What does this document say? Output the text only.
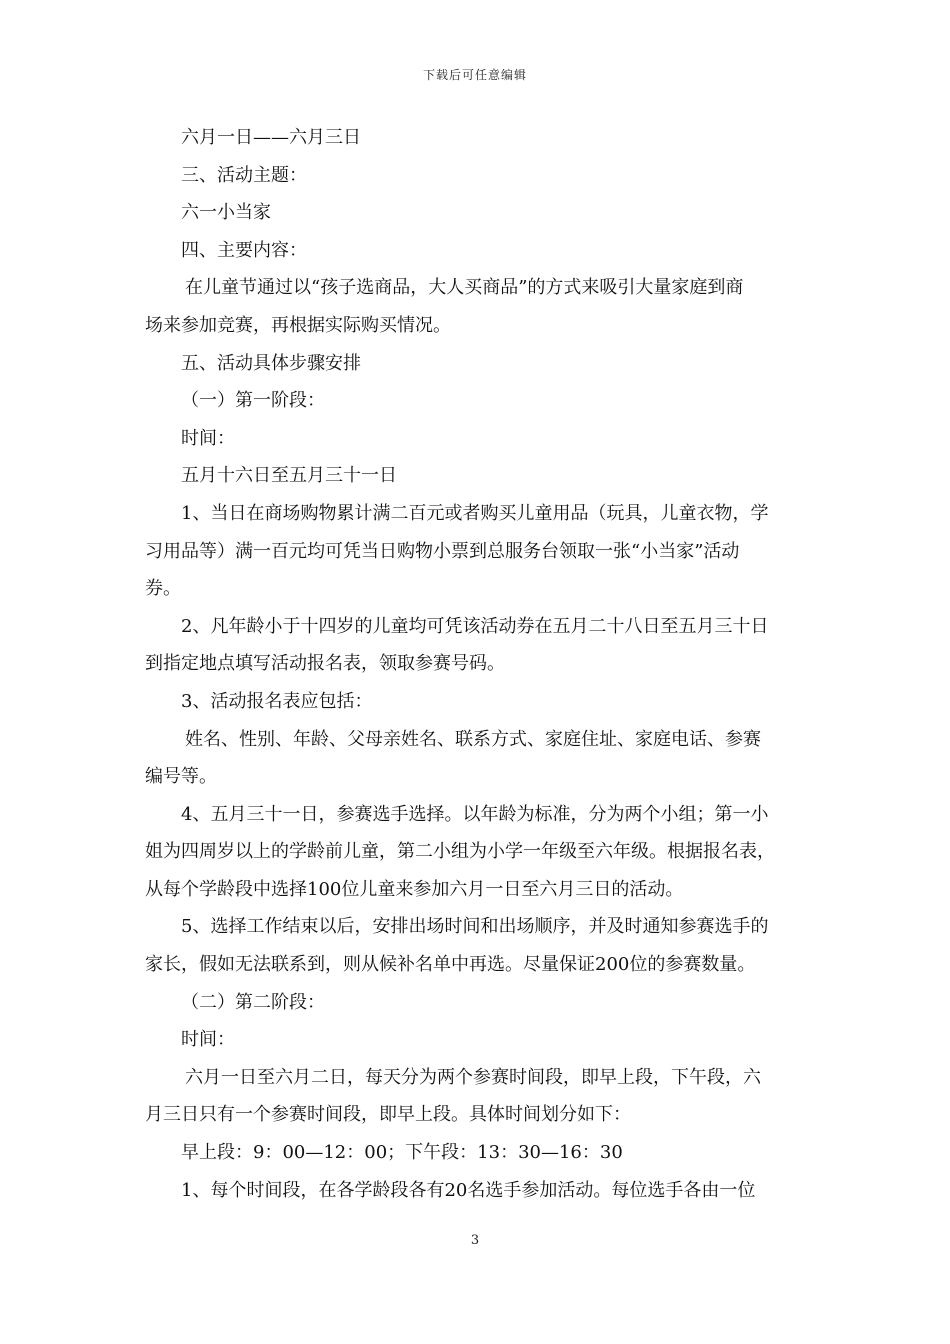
下载后可任意编辑
六月一日——六月三日
三、活动主题：
六一小当家
四、主要内容：
在儿童节通过以“孩子选商品，大人买商品”的方式来吸引大量家庭到商
场来参加竞赛，再根据实际购买情况。
五、活动具体步骤安排
（一）第一阶段：
时间：
五月十六日至五月三十一日
1、当日在商场购物累计满二百元或者购买儿童用品（玩具，儿童衣物，学
习用品等）满一百元均可凭当日购物小票到总服务台领取一张“小当家”活动
券。
2、凡年龄小于十四岁的儿童均可凭该活动券在五月二十八日至五月三十日
到指定地点填写活动报名表，领取参赛号码。
3、活动报名表应包括：
姓名、性别、年龄、父母亲姓名、联系方式、家庭住址、家庭电话、参赛
编号等。
4、五月三十一日，参赛选手选择。以年龄为标准，分为两个小组；第一小
姐为四周岁以上的学龄前儿童，第二小组为小学一年级至六年级。根据报名表，
从每个学龄段中选择100位儿童来参加六月一日至六月三日的活动。
5、选择工作结束以后，安排出场时间和出场顺序，并及时通知参赛选手的
家长，假如无法联系到，则从候补名单中再选。尽量保证200位的参赛数量。
（二）第二阶段：
时间：
六月一日至六月二日，每天分为两个参赛时间段，即早上段，下午段，六
月三日只有一个参赛时间段，即早上段。具体时间划分如下：
早上段：9：00—12：00；下午段：13：30—16：30
1、每个时间段，在各学龄段各有20名选手参加活动。每位选手各由一位
3
